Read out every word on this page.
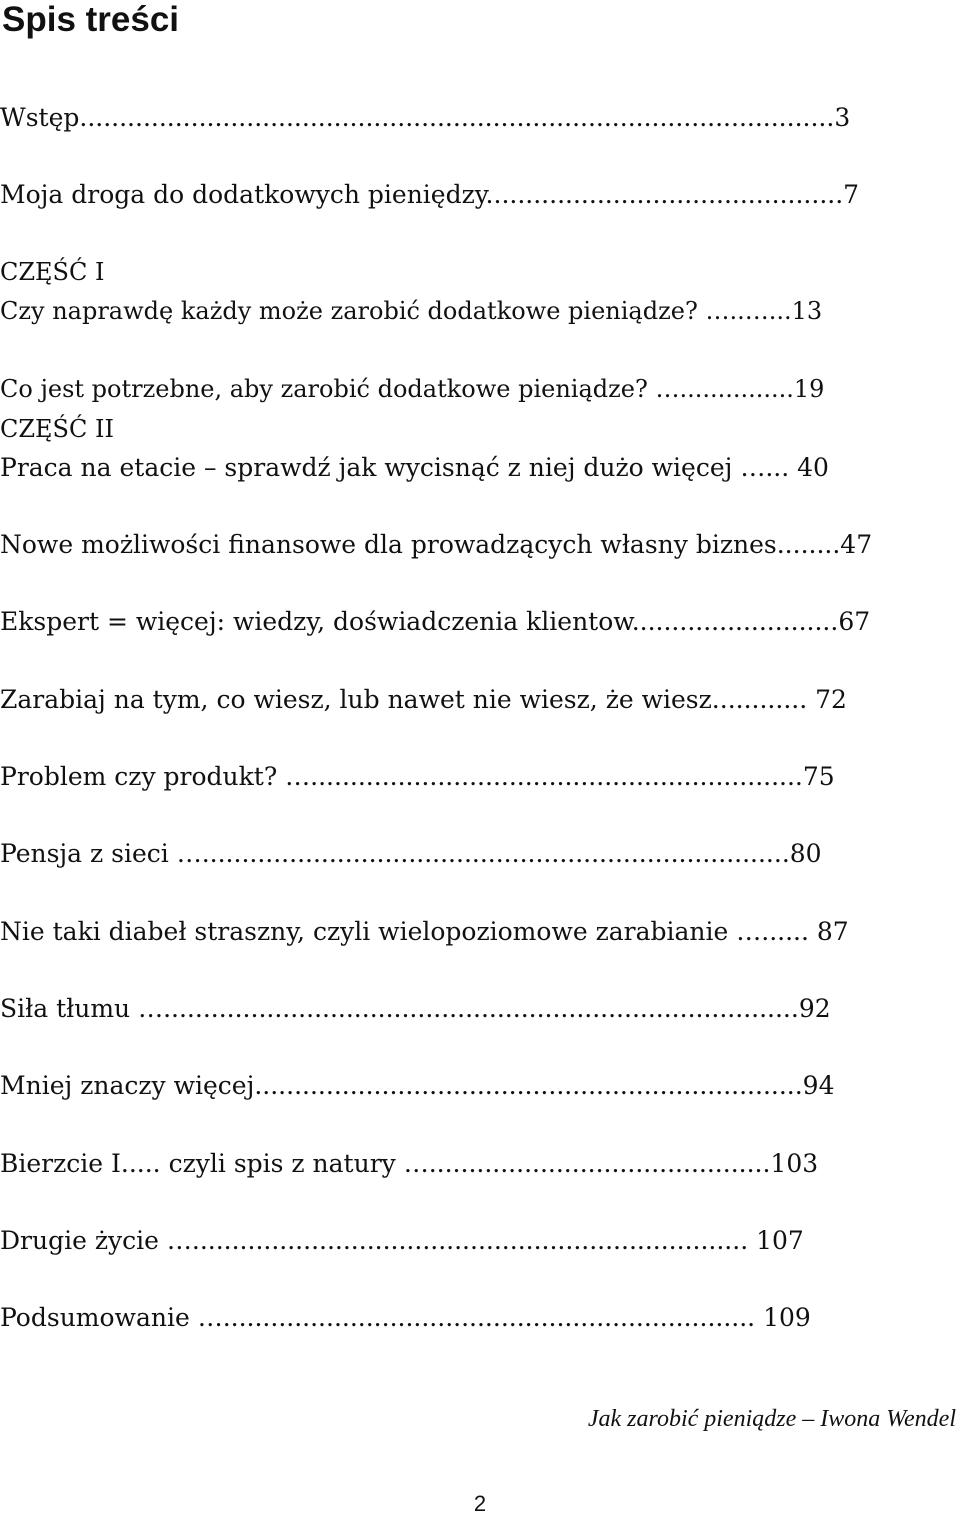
Spis treści
Wstęp...............................................................................................3
Moja droga do dodatkowych pieniędzy.............................................7
CZĘŚĆ I
Czy naprawdę każdy może zarobić dodatkowe pieniądze? …..…...13
Co jest potrzebne, aby zarobić dodatkowe pieniądze? …...............19
CZĘŚĆ II
Praca na etacie – sprawdź jak wycisnąć z niej dużo więcej …... 40
Nowe możliwości finansowe dla prowadzących własny biznes........47
Ekspert = więcej: wiedzy, doświadczenia klientow..........................67
Zarabiaj na tym, co wiesz, lub nawet nie wiesz, że wiesz............ 72
Problem czy produkt? …..............................................................75
Pensja z sieci …..........................................................................80
Nie taki diabeł straszny, czyli wielopoziomowe zarabianie …...... 87
Siła tłumu …................................................................................92
Mniej znaczy więcej.....................................................................94
Bierzcie I..... czyli spis z natury …...........................................103
Drugie życie …...................................................................... 107
Podsumowanie …................................................................... 109
Jak zarobić pieniądze – Iwona Wendel
2
